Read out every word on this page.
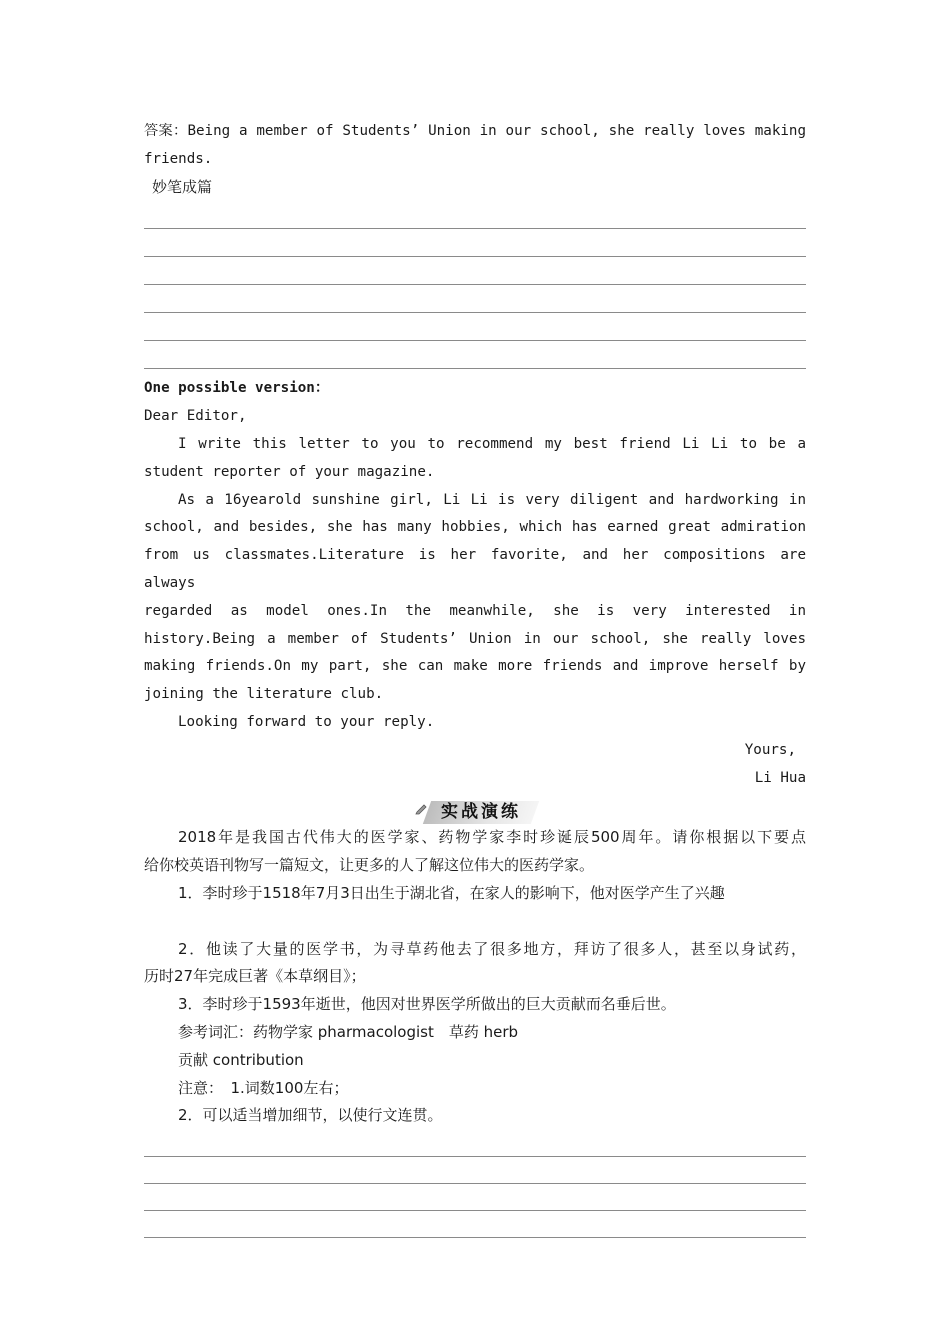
答案：Being a member of Students’ Union in our school, she really loves making
friends.
妙笔成篇
One possible version：
Dear Editor,
I write this letter to you to recommend my best friend Li Li to be a
student reporter of your magazine.
As a 16yearold sunshine girl, Li Li is very diligent and hardworking in
school, and besides, she has many hobbies, which has earned great admiration
from us classmates.Literature is her favorite, and her compositions are always
regarded as model ones.In the meanwhile, she is very interested in
history.Being a member of Students’ Union in our school, she really loves
making friends.On my part, she can make more friends and improve herself by
joining the literature club.
Looking forward to your reply.
Yours,
Li Hua
实战演练
2018年是我国古代伟大的医学家、药物学家李时珍诞辰500周年。请你根据以下要点
给你校英语刊物写一篇短文，让更多的人了解这位伟大的医药学家。
1．李时珍于1518年7月3日出生于湖北省，在家人的影响下，他对医学产生了兴趣

2．他读了大量的医学书，为寻草药他去了很多地方，拜访了很多人，甚至以身试药，
历时27年完成巨著《本草纲目》；
3．李时珍于1593年逝世，他因对世界医学所做出的巨大贡献而名垂后世。
参考词汇：药物学家 pharmacologist　草药 herb
贡献 contribution
注意：　1.词数100左右；
2．可以适当增加细节，以使行文连贯。
